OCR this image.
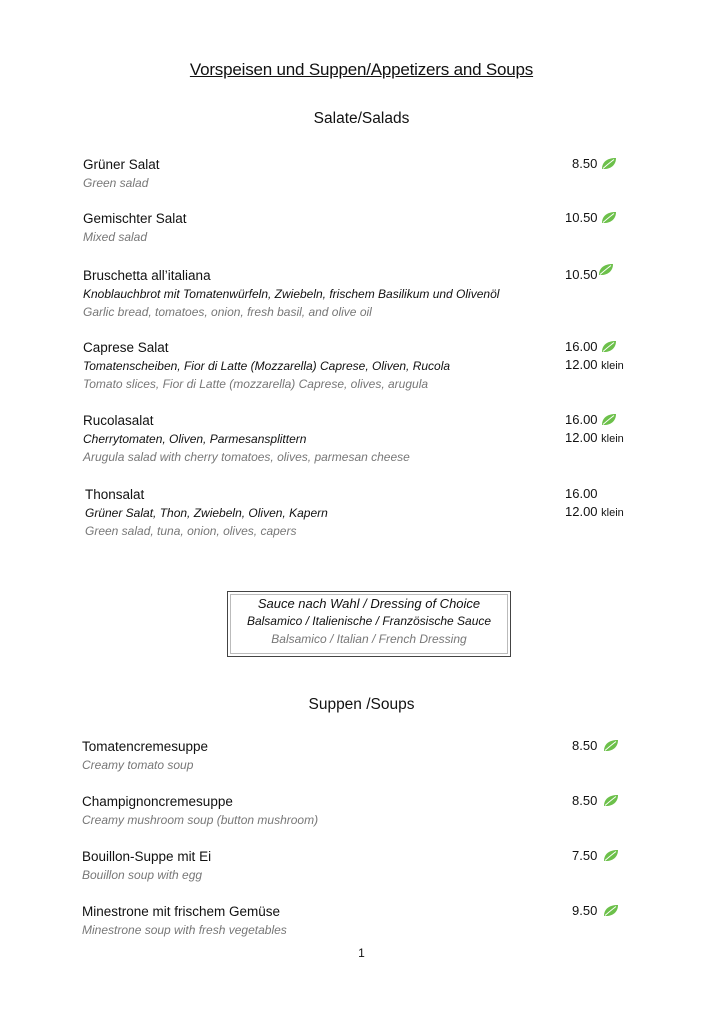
Vorspeisen und Suppen/Appetizers and Soups
Salate/Salads
Grüner Salat	8.50
Green salad
Gemischter Salat	10.50
Mixed salad
Bruschetta all’italiana	10.50
Knoblauchbrot mit Tomatenwürfeln, Zwiebeln, frischem Basilikum und Olivenöl
Garlic bread, tomatoes, onion, fresh basil, and olive oil
Caprese Salat	16.00
Tomatenscheiben, Fior di Latte (Mozzarella) Caprese, Oliven, Rucola	12.00 klein
Tomato slices, Fior di Latte (mozzarella) Caprese, olives, arugula
Rucolasalat	16.00
Cherrytomaten, Oliven, Parmesansplittern	12.00 klein
Arugula salad with cherry tomatoes, olives, parmesan cheese
Thonsalat	16.00
Grüner Salat, Thon, Zwiebeln, Oliven, Kapern	12.00 klein
Green salad, tuna, onion, olives, capers
Sauce nach Wahl / Dressing of Choice
Balsamico / Italienische / Französische Sauce
Balsamico / Italian / French Dressing
Suppen /Soups
Tomatencremesuppe	8.50
Creamy tomato soup
Champignoncremesuppe	8.50
Creamy mushroom soup (button mushroom)
Bouillon-Suppe mit Ei	7.50
Bouillon soup with egg
Minestrone mit frischem Gemüse	9.50
Minestrone soup with fresh vegetables
1
